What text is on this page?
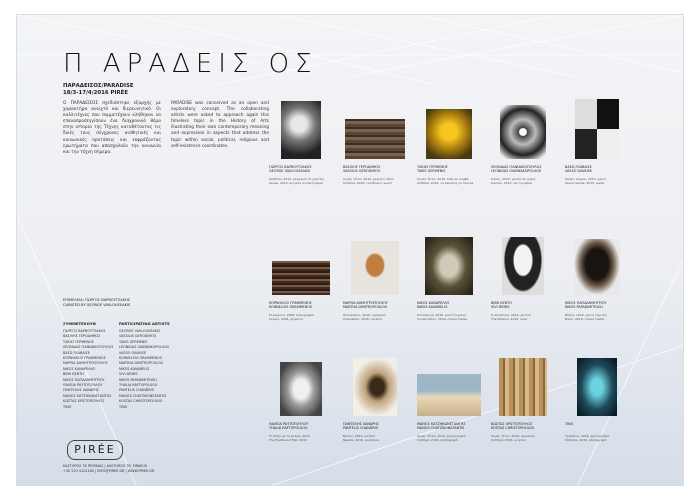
Π ΑΡΑΔΕΙΣ ΟΣ
ΠΑΡΑΔΕΙΣΟΣ/PARADISE
18/3-17/4/2016 PIRÉE
Ο ΠΑΡΑΔΕΙΣΟΣ σχεδιάστηκε εξαρχής με χαρακτήρα ανοιχτό και διερευνητικό. Οι καλλιτέχνες που συμμετέχουν κλήθηκαν να επαναπροσεγγίσουν ένα διαχρονικό θέμα στην ιστορία της Τέχνης καταθέτοντας τις δικές τους σύγχρονες αισθητικές και κοινωνικές προτάσεις και εκφράζοντας ερωτήματα που απασχολούν την κοινωνία και την τέχνη σήμερα.
PARADISE was conceived as an open and exploratory concept. The collaborating artists were asked to approach again this timeless topic in the History of Arts illustrating their own contemporary meaning and expression in aspects that address the topic within social, political, religious and self-existence coordinates.
ΕΠΙΜΕΛΕΙΑ: ΓΙΩΡΓΟΣ ΒΑΡΒΟΥΤΣΑΚΗΣ
CURATED BY GEORGE VAVLOUSSAKIS
ΣΥΜΜΕΤΕΧΟΥΝ	PARTICIPATING ARTISTS
ΓΙΩΡΓΟΣ ΒΑΡΒΟΥΤΣΑΚΗΣ
ΒΑΣΙΛΗΣ ΓΕΡΟΔΗΜΟΣ
ΤΑΚΗΣ ΓΕΡΜΕΝΗΣ
ΛΕΟΝΙΔΑΣ ΓΙΑΝΝΑΚΟΠΟΥΛΟΣ
ΒΑΣΩ ΓΚΑΒΑΙΣΕ
ΚΟΡΝΗΛΙΟΣ ΓΡΑΜΜΕΝΟΣ
ΜΑΡΘΑ ΔΗΜΗΤΡΟΠΟΥΛΟΥ
ΝΙΚΟΣ ΚΑΝΑΡΕΛΗΣ
ΒΙΒΗ ΚΕΝΤΗ
ΝΙΚΟΣ ΠΑΠΑΔΗΜΗΤΡΙΟΥ
ΘΑΛΕΙΑ ΡΑΥΤΟΠΟΥΛΟΥ
ΠΑΝΤΕΛΗΣ ΧΑΝΔΡΗΣ
ΜΑΝΟΣ ΧΑΤΖΗΚΩΝΣΤΑΝΤΗΣ
ΚΩΣΤΑΣ ΧΡΙΣΤΟΠΟΥΛΟΣ
ΤΙΝΟ
GEORGE VAVLOUSSAKIS
VASSILIS GERODIMOS
TAKIS GERMENIS
LEONIDAS GIANNAKOPOULOS
VASSO GAVAISE
KORNELIOS GRAMMENOS
MARTHA DIMITROPOULOU
NIKOS KANARELIS
VIVI DEMIS
NIKOS PAPADIMITRIOU
THALIA RAFTOPOULOU
PANTELIS CHANDRIS
MANOS CHATZIKONSTANTIS
KOSTAS CHRISTOPOULOS
TINO
PIRÉE
ΚΑΣΤΟΡΟΣ 78 ΠΕΙΡΑΙΑΣ | KASTOROS 78, PIRAEUS
+30 210 4122180 | INFO@PIREE.GR | WWW.PIREE.GR
ΓΙΩΡΓΟΣ ΒΑΡΒΟΥΤΣΑΚΗΣ
GEORGE VAVLOUSSAKIS
Αίσθηση, 2015, ακρυλικό σε χαρτόνι
Sense, 2015, acrylics on hard paper
ΒΑΣΙΛΗΣ ΓΕΡΟΔΗΜΟΣ
VASSILIS GERODIMOS
Χωρίς Τίτλο, 2016, χαρτόνι, ξύλο
Untitled, 2016, cardboard, wood
ΤΑΚΗΣ ΓΕΡΜΕΝΗΣ
TAKIS GERMENIS
Χωρίς Τίτλο, 2016, λάδι σε καμβά
Untitled, 2016, oil painting on canvas
ΛΕΟΝΙΔΑΣ ΓΙΑΝΝΑΚΟΠΟΥΛΟΣ
LEONIDAS GIANNAKOPOULOS
Κήπος, 2015, μελάνι σε χαρτί
Garden, 2015, ink on paper
ΒΑΣΩ ΓΚΑΒΑΙΣΕ
VASSO GAVAISE
Χώρος Χώρου, 2015, χαρτί
Space Spade, 2015, paper
ΚΟΡΝΗΛΙΟΣ ΓΡΑΜΜΕΝΟΣ
KORNELIOS GRAMMENOS
Στρώματα, 2008, ξυλογραφία
Layers, 2008, plywood
ΜΑΡΘΑ ΔΗΜΗΤΡΟΠΟΥΛΟΥ
MARTHA DIMITROPOULOU
Πολυέλαιος, 2016, κεραμικό
Chandelier, 2016, ceramic
ΝΙΚΟΣ ΚΑΝΑΡΕΛΗΣ
NIKOS KANARELIS
Κατασκευή, 2016, μικτή τεχνική
Construction, 2016, mixed media
ΒΙΒΗ ΚΕΝΤΗ
VIVI DEMIS
Η αποστολή, 2016, ρητίνη
The Mission, 2016, resin
ΝΙΚΟΣ ΠΑΠΑΔΗΜΗΤΡΙΟΥ
NIKOS PAPADIMITRIOU
Βίσων, 2016, μικτή τεχνική
Bison, 2016, mixed media
ΘΑΛΕΙΑ ΡΑΥΤΟΠΟΥΛΟΥ
THALIA RAFTOPOULOU
Το Ψάρι με τα φτερά, 2015
The Feathered Fish, 2015
ΠΑΝΤΕΛΗΣ ΧΑΝΔΡΗΣ
PANTELIS CHANDRIS
Βελόνι, 2016, γλυπτό
Needle, 2016, sculpture
ΜΑΝΟΣ ΧΑΤΖΗΚΩΝΣΤΑΝΤΗΣ
MANOS CHATZIKONSTANTIS
Χωρίς Τίτλο, 2016, φωτογραφία
Untitled, 2016, photograph
ΚΩΣΤΑΣ ΧΡΙΣΤΟΠΟΥΛΟΣ
KOSTAS CHRISTOPOULOS
Χωρίς Τίτλο, 2016, ακρυλικό
Untitled, 2016, acrylics
TINO
Τρυπάκια, 2016, φωτογραφία
Pinholes, 2016, photograph
